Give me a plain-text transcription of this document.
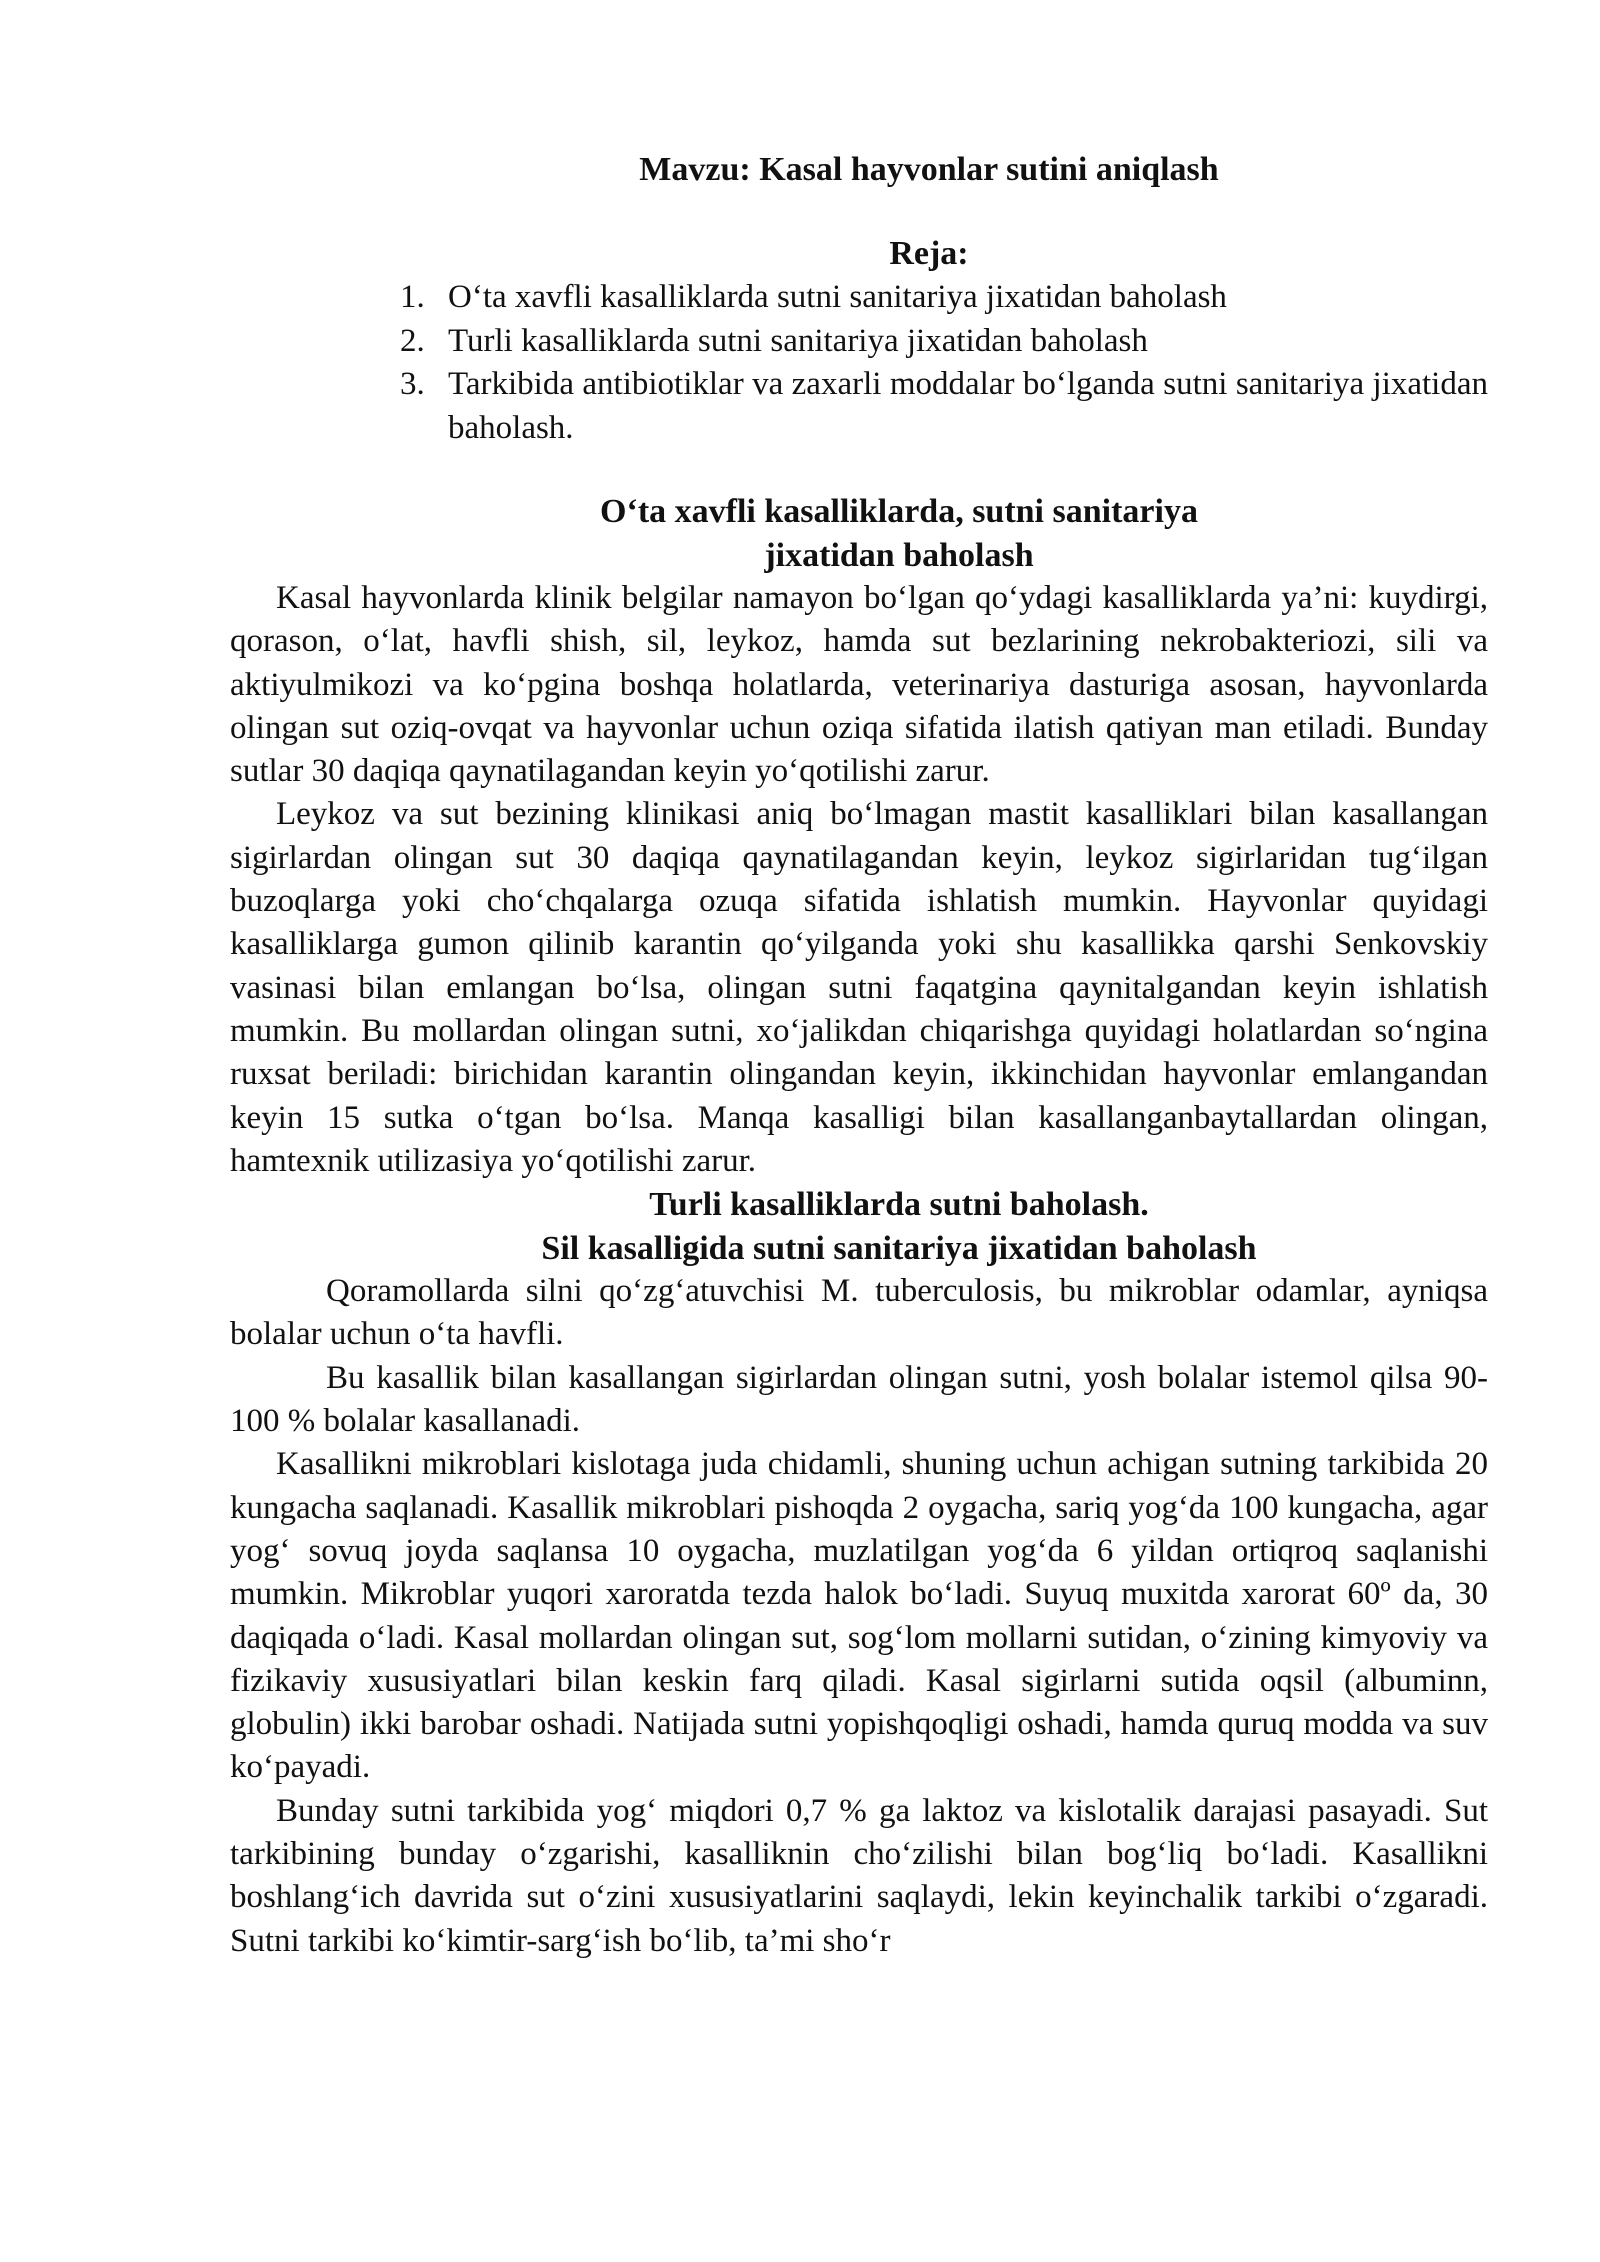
Mavzu: Kasal hayvonlar sutini aniqlash
Reja:
1. O‘ta xavfli kasalliklarda sutni sanitariya jixatidan baholash
2. Turli kasalliklarda sutni sanitariya jixatidan baholash
3. Tarkibida antibiotiklar va zaxarli moddalar bo‘lganda sutni sanitariya jixatidan baholash.
O‘ta xavfli kasalliklarda, sutni sanitariya
jixatidan baholash

Kasal hayvonlarda klinik belgilar namayon bo‘lgan qo‘ydagi kasalliklarda ya’ni: kuydirgi, qorason, o‘lat, havfli shish, sil, leykoz, hamda sut bezlarining nekrobakteriozi, sili va aktiyulmikozi va ko‘pgina boshqa holatlarda, veterinariya dasturiga asosan, hayvonlarda olingan sut oziq-ovqat va hayvonlar uchun oziqa sifatida ilatish qatiyan man etiladi. Bunday sutlar 30 daqiqa qaynatilagandan keyin yo‘qotilishi zarur.

Leykoz va sut bezining klinikasi aniq bo‘lmagan mastit kasalliklari bilan kasallangan sigirlardan olingan sut 30 daqiqa qaynatilagandan keyin, leykoz sigirlaridan tug‘ilgan buzoqlarga yoki cho‘chqalarga ozuqa sifatida ishlatish mumkin. Hayvonlar quyidagi kasalliklarga gumon qilinib karantin qo‘yilganda yoki shu kasallikka qarshi Senkovskiy vasinasi bilan emlangan bo‘lsa, olingan sutni faqatgina qaynitalgandan keyin ishlatish mumkin. Bu mollardan olingan sutni, xo‘jalikdan chiqarishga quyidagi holatlardan so‘ngina ruxsat beriladi: birichidan karantin olingandan keyin, ikkinchidan hayvonlar emlangandan keyin 15 sutka o‘tgan bo‘lsa. Manqa kasalligi bilan kasallanganbaytallardan olingan, hamtexnik utilizasiya yo‘qotilishi zarur.

Turli kasalliklarda sutni baholash.
Sil kasalligida sutni sanitariya jixatidan baholash

Qoramollarda silni qo‘zg‘atuvchisi M. tuberculosis, bu mikroblar odamlar, ayniqsa bolalar uchun o‘ta havfli.

Bu kasallik bilan kasallangan sigirlardan olingan sutni, yosh bolalar istemol qilsa 90-100 % bolalar kasallanadi.

Kasallikni mikroblari kislotaga juda chidamli, shuning uchun achigan sutning tarkibida 20 kungacha saqlanadi. Kasallik mikroblari pishoqda 2 oygacha, sariq yog‘da 100 kungacha, agar yog‘ sovuq joyda saqlansa 10 oygacha, muzlatilgan yog‘da 6 yildan ortiqroq saqlanishi mumkin. Mikroblar yuqori xaroratda tezda halok bo‘ladi. Suyuq muxitda xarorat 60º da, 30 daqiqada o‘ladi. Kasal mollardan olingan sut, sog‘lom mollarni sutidan, o‘zining kimyoviy va fizikaviy xususiyatlari bilan keskin farq qiladi. Kasal sigirlarni sutida oqsil (albuminn, globulin) ikki barobar oshadi. Natijada sutni yopishqoqligi oshadi, hamda quruq modda va suv ko‘payadi.

Bunday sutni tarkibida yog‘ miqdori 0,7 % ga laktoz va kislotalik darajasi pasayadi. Sut tarkibining bunday o‘zgarishi, kasalliknin cho‘zilishi bilan bog‘liq bo‘ladi. Kasallikni boshlang‘ich davrida sut o‘zini xususiyatlarini saqlaydi, lekin keyinchalik tarkibi o‘zgaradi. Sutni tarkibi ko‘kimtir-sarg‘ish bo‘lib, ta’mi sho‘r
